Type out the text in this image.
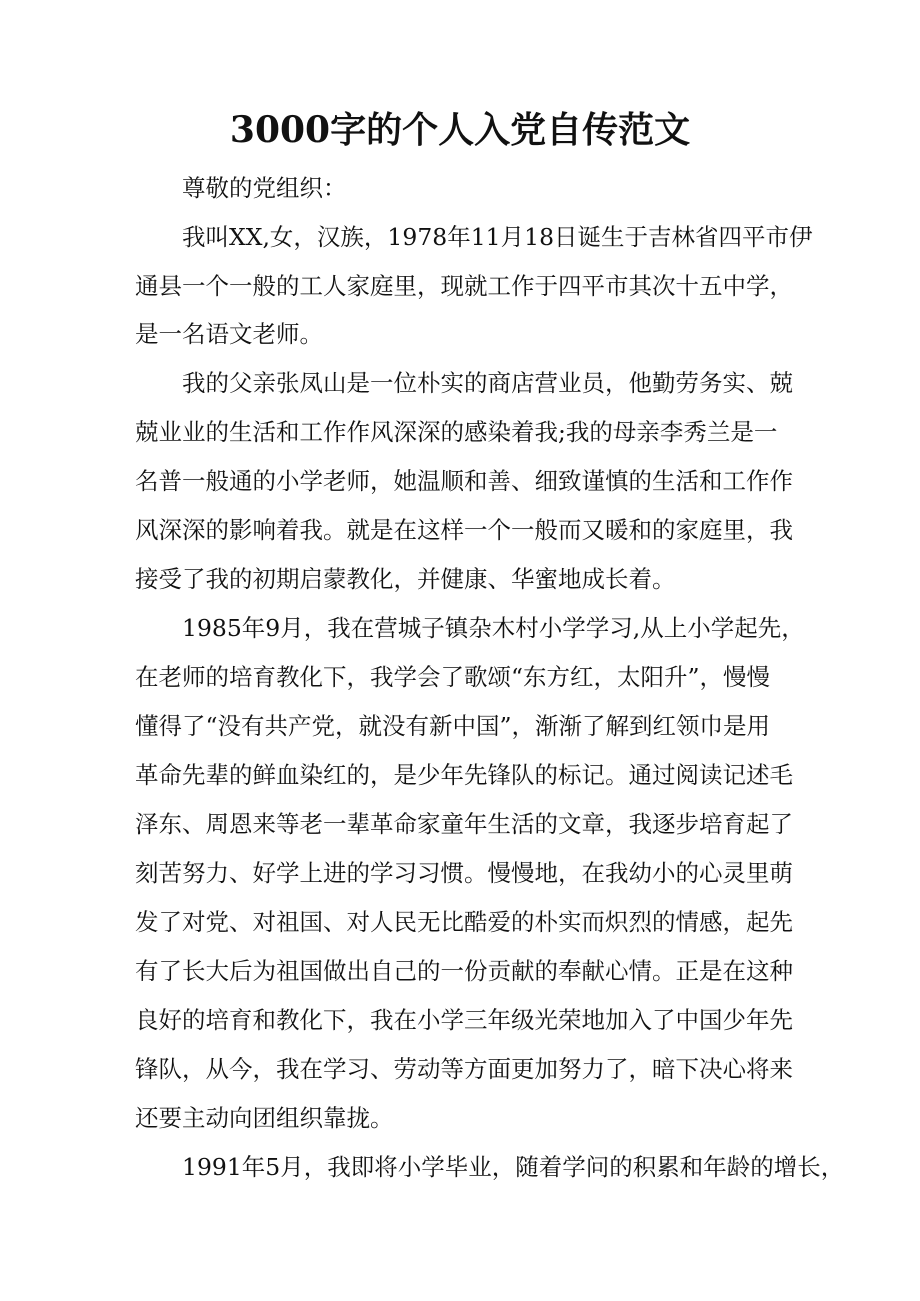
3000字的个人入党自传范文

尊敬的党组织：

我叫XX,女，汉族，1978年11月18日诞生于吉林省四平市伊

通县一个一般的工人家庭里，现就工作于四平市其次十五中学，

是一名语文老师。

我的父亲张凤山是一位朴实的商店营业员，他勤劳务实、兢

兢业业的生活和工作作风深深的感染着我;我的母亲李秀兰是一

名普一般通的小学老师，她温顺和善、细致谨慎的生活和工作作

风深深的影响着我。就是在这样一个一般而又暖和的家庭里，我

接受了我的初期启蒙教化，并健康、华蜜地成长着。

1985年9月，我在营城子镇杂木村小学学习,从上小学起先，

在老师的培育教化下，我学会了歌颂“东方红，太阳升”，慢慢

懂得了“没有共产党，就没有新中国”，渐渐了解到红领巾是用

革命先辈的鲜血染红的，是少年先锋队的标记。通过阅读记述毛

泽东、周恩来等老一辈革命家童年生活的文章，我逐步培育起了

刻苦努力、好学上进的学习习惯。慢慢地，在我幼小的心灵里萌

发了对党、对祖国、对人民无比酷爱的朴实而炽烈的情感，起先

有了长大后为祖国做出自己的一份贡献的奉献心情。正是在这种

良好的培育和教化下，我在小学三年级光荣地加入了中国少年先

锋队，从今，我在学习、劳动等方面更加努力了，暗下决心将来

还要主动向团组织靠拢。

1991年5月，我即将小学毕业，随着学问的积累和年龄的增长，
